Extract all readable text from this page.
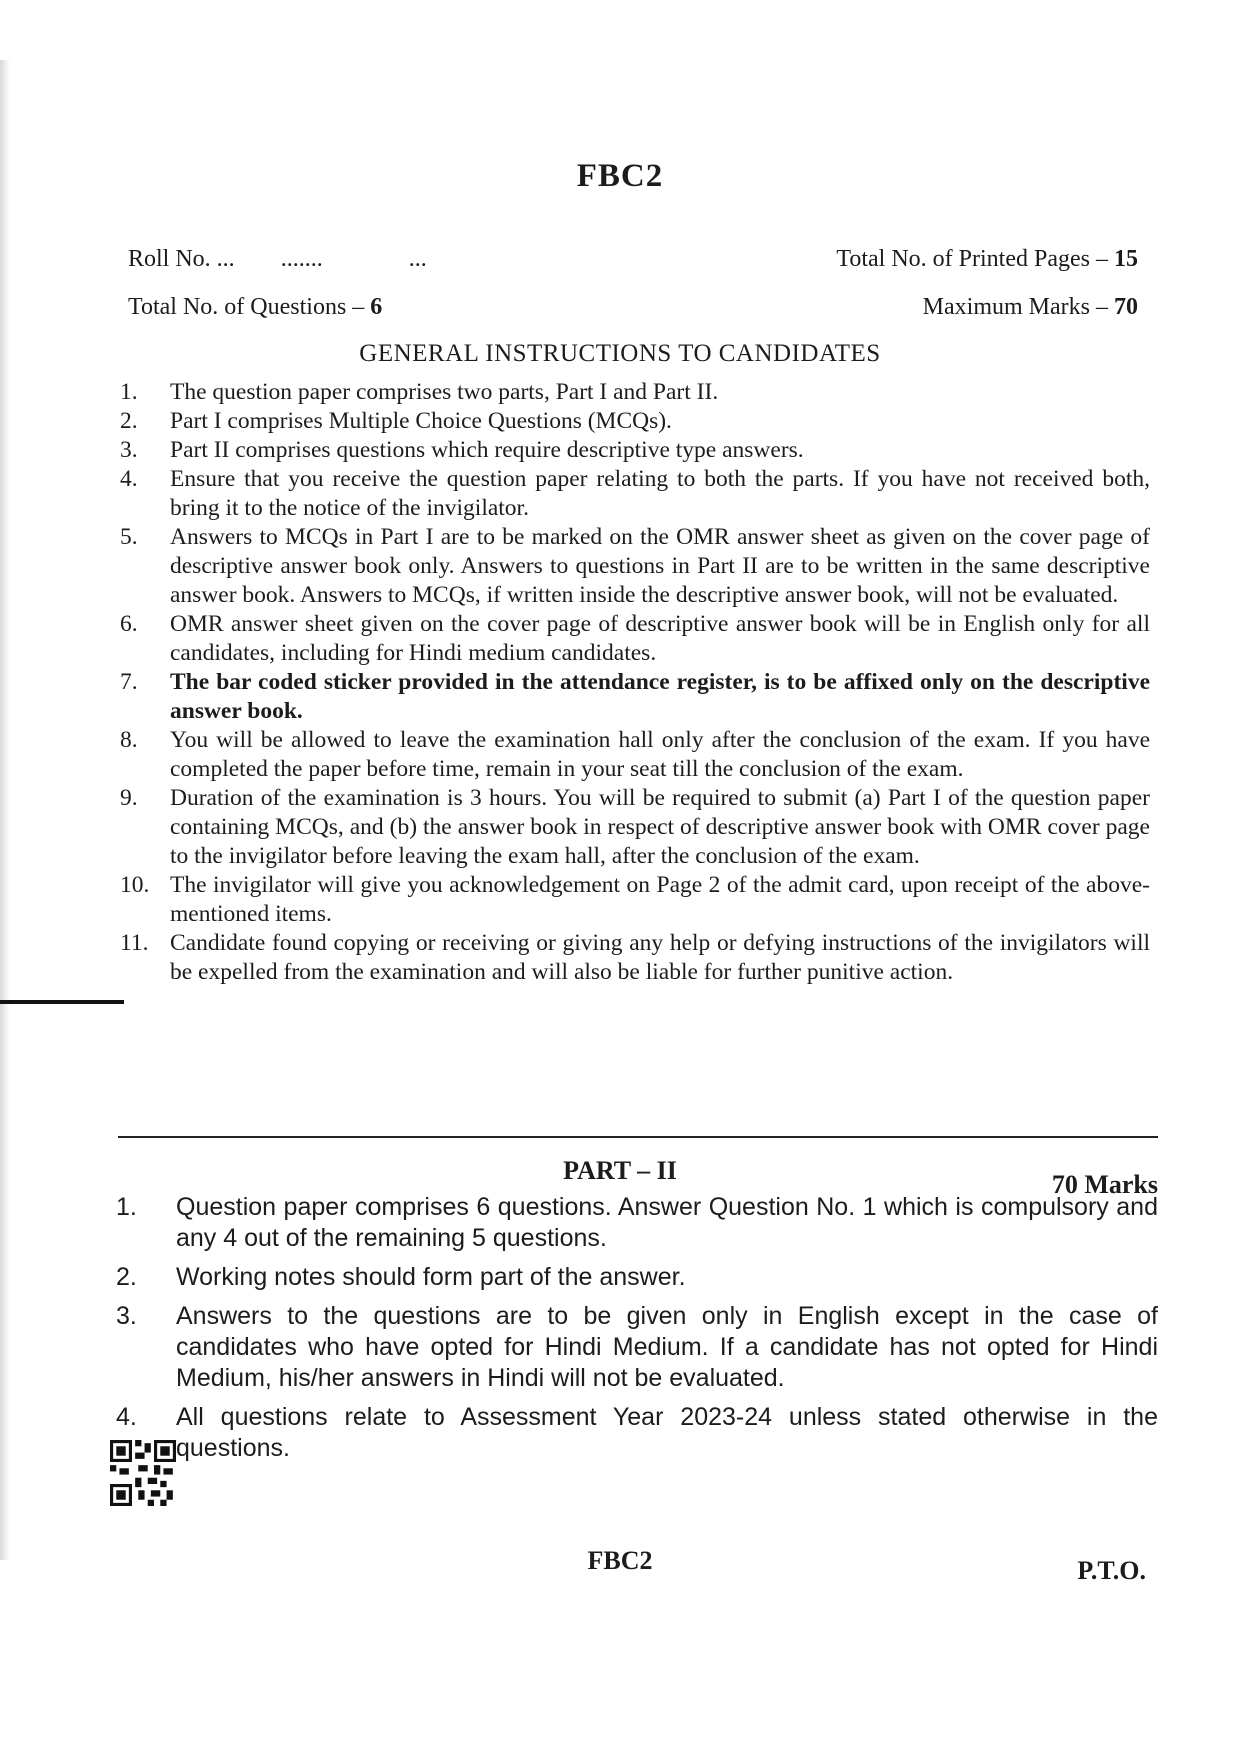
FBC2
Roll No. ... .......	...	Total No. of Printed Pages – 15
Total No. of Questions – 6	Maximum Marks – 70
GENERAL INSTRUCTIONS TO CANDIDATES
1.	The question paper comprises two parts, Part I and Part II.
2.	Part I comprises Multiple Choice Questions (MCQs).
3.	Part II comprises questions which require descriptive type answers.
4.	Ensure that you receive the question paper relating to both the parts. If you have not received both, bring it to the notice of the invigilator.
5.	Answers to MCQs in Part I are to be marked on the OMR answer sheet as given on the cover page of descriptive answer book only. Answers to questions in Part II are to be written in the same descriptive answer book. Answers to MCQs, if written inside the descriptive answer book, will not be evaluated.
6.	OMR answer sheet given on the cover page of descriptive answer book will be in English only for all candidates, including for Hindi medium candidates.
7.	The bar coded sticker provided in the attendance register, is to be affixed only on the descriptive answer book.
8.	You will be allowed to leave the examination hall only after the conclusion of the exam. If you have completed the paper before time, remain in your seat till the conclusion of the exam.
9.	Duration of the examination is 3 hours. You will be required to submit (a) Part I of the question paper containing MCQs, and (b) the answer book in respect of descriptive answer book with OMR cover page to the invigilator before leaving the exam hall, after the conclusion of the exam.
10. The invigilator will give you acknowledgement on Page 2 of the admit card, upon receipt of the above-mentioned items.
11. Candidate found copying or receiving or giving any help or defying instructions of the invigilators will be expelled from the examination and will also be liable for further punitive action.
PART – II	70 Marks
1.	Question paper comprises 6 questions. Answer Question No. 1 which is compulsory and any 4 out of the remaining 5 questions.
2.	Working notes should form part of the answer.
3.	Answers to the questions are to be given only in English except in the case of candidates who have opted for Hindi Medium. If a candidate has not opted for Hindi Medium, his/her answers in Hindi will not be evaluated.
4.	All questions relate to Assessment Year 2023-24 unless stated otherwise in the questions.
FBC2	P.T.O.
